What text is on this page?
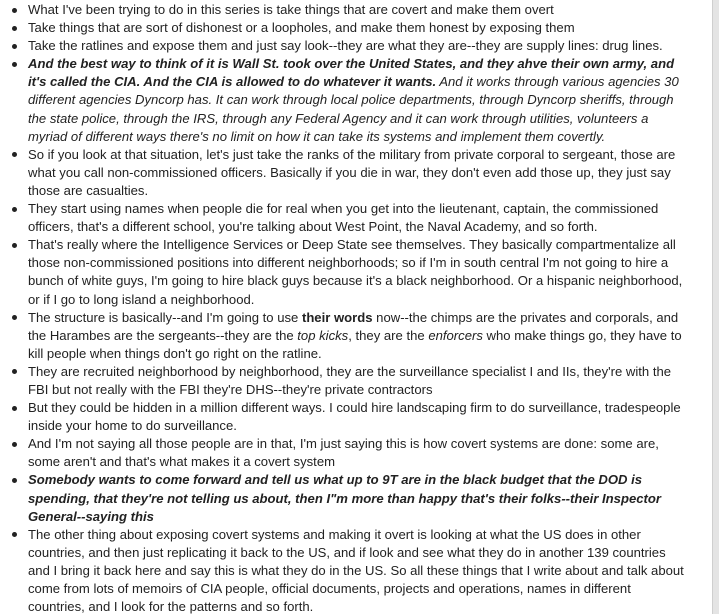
What I've been trying to do in this series is take things that are covert and make them overt
Take things that are sort of dishonest or a loopholes, and make them honest by exposing them
Take the ratlines and expose them and just say look--they are what they are--they are supply lines: drug lines.
And the best way to think of it is Wall St. took over the United States, and they ahve their own army, and it's called the CIA. And the CIA is allowed to do whatever it wants. And it works through various agencies 30 different agencies Dyncorp has. It can work through local police departments, through Dyncorp sheriffs, through the state police, through the IRS, through any Federal Agency and it can work through utilities, volunteers a myriad of different ways there's no limit on how it can take its systems and implement them covertly.
So if you look at that situation, let's just take the ranks of the military from private corporal to sergeant, those are what you call non-commissioned officers. Basically if you die in war, they don't even add those up, they just say those are casualties.
They start using names when people die for real when you get into the lieutenant, captain, the commissioned officers, that's a different school, you're talking about West Point, the Naval Academy, and so forth.
That's really where the Intelligence Services or Deep State see themselves. They basically compartmentalize all those non-commissioned positions into different neighborhoods; so if I'm in south central I'm not going to hire a bunch of white guys, I'm going to hire black guys because it's a black neighborhood. Or a hispanic neighborhood, or if I go to long island a neighborhood.
The structure is basically--and I'm going to use their words now--the chimps are the privates and corporals, and the Harambes are the sergeants--they are the top kicks, they are the enforcers who make things go, they have to kill people when things don't go right on the ratline.
They are recruited neighborhood by neighborhood, they are the surveillance specialist I and IIs, they're with the FBI but not really with the FBI they're DHS--they're private contractors
But they could be hidden in a million different ways. I could hire landscaping firm to do surveillance, tradespeople inside your home to do surveillance.
And I'm not saying all those people are in that, I'm just saying this is how covert systems are done: some are, some aren't and that's what makes it a covert system
Somebody wants to come forward and tell us what up to 9T are in the black budget that the DOD is spending, that they're not telling us about, then I"m more than happy that's their folks--their Inspector General--saying this
The other thing about exposing covert systems and making it overt is looking at what the US does in other countries, and then just replicating it back to the US, and if look and see what they do in another 139 countries and I bring it back here and say this is what they do in the US. So all these things that I write about and talk about come from lots of memoirs of CIA people, official documents, projects and operations, names in different countries, and I look for the patterns and so forth.
